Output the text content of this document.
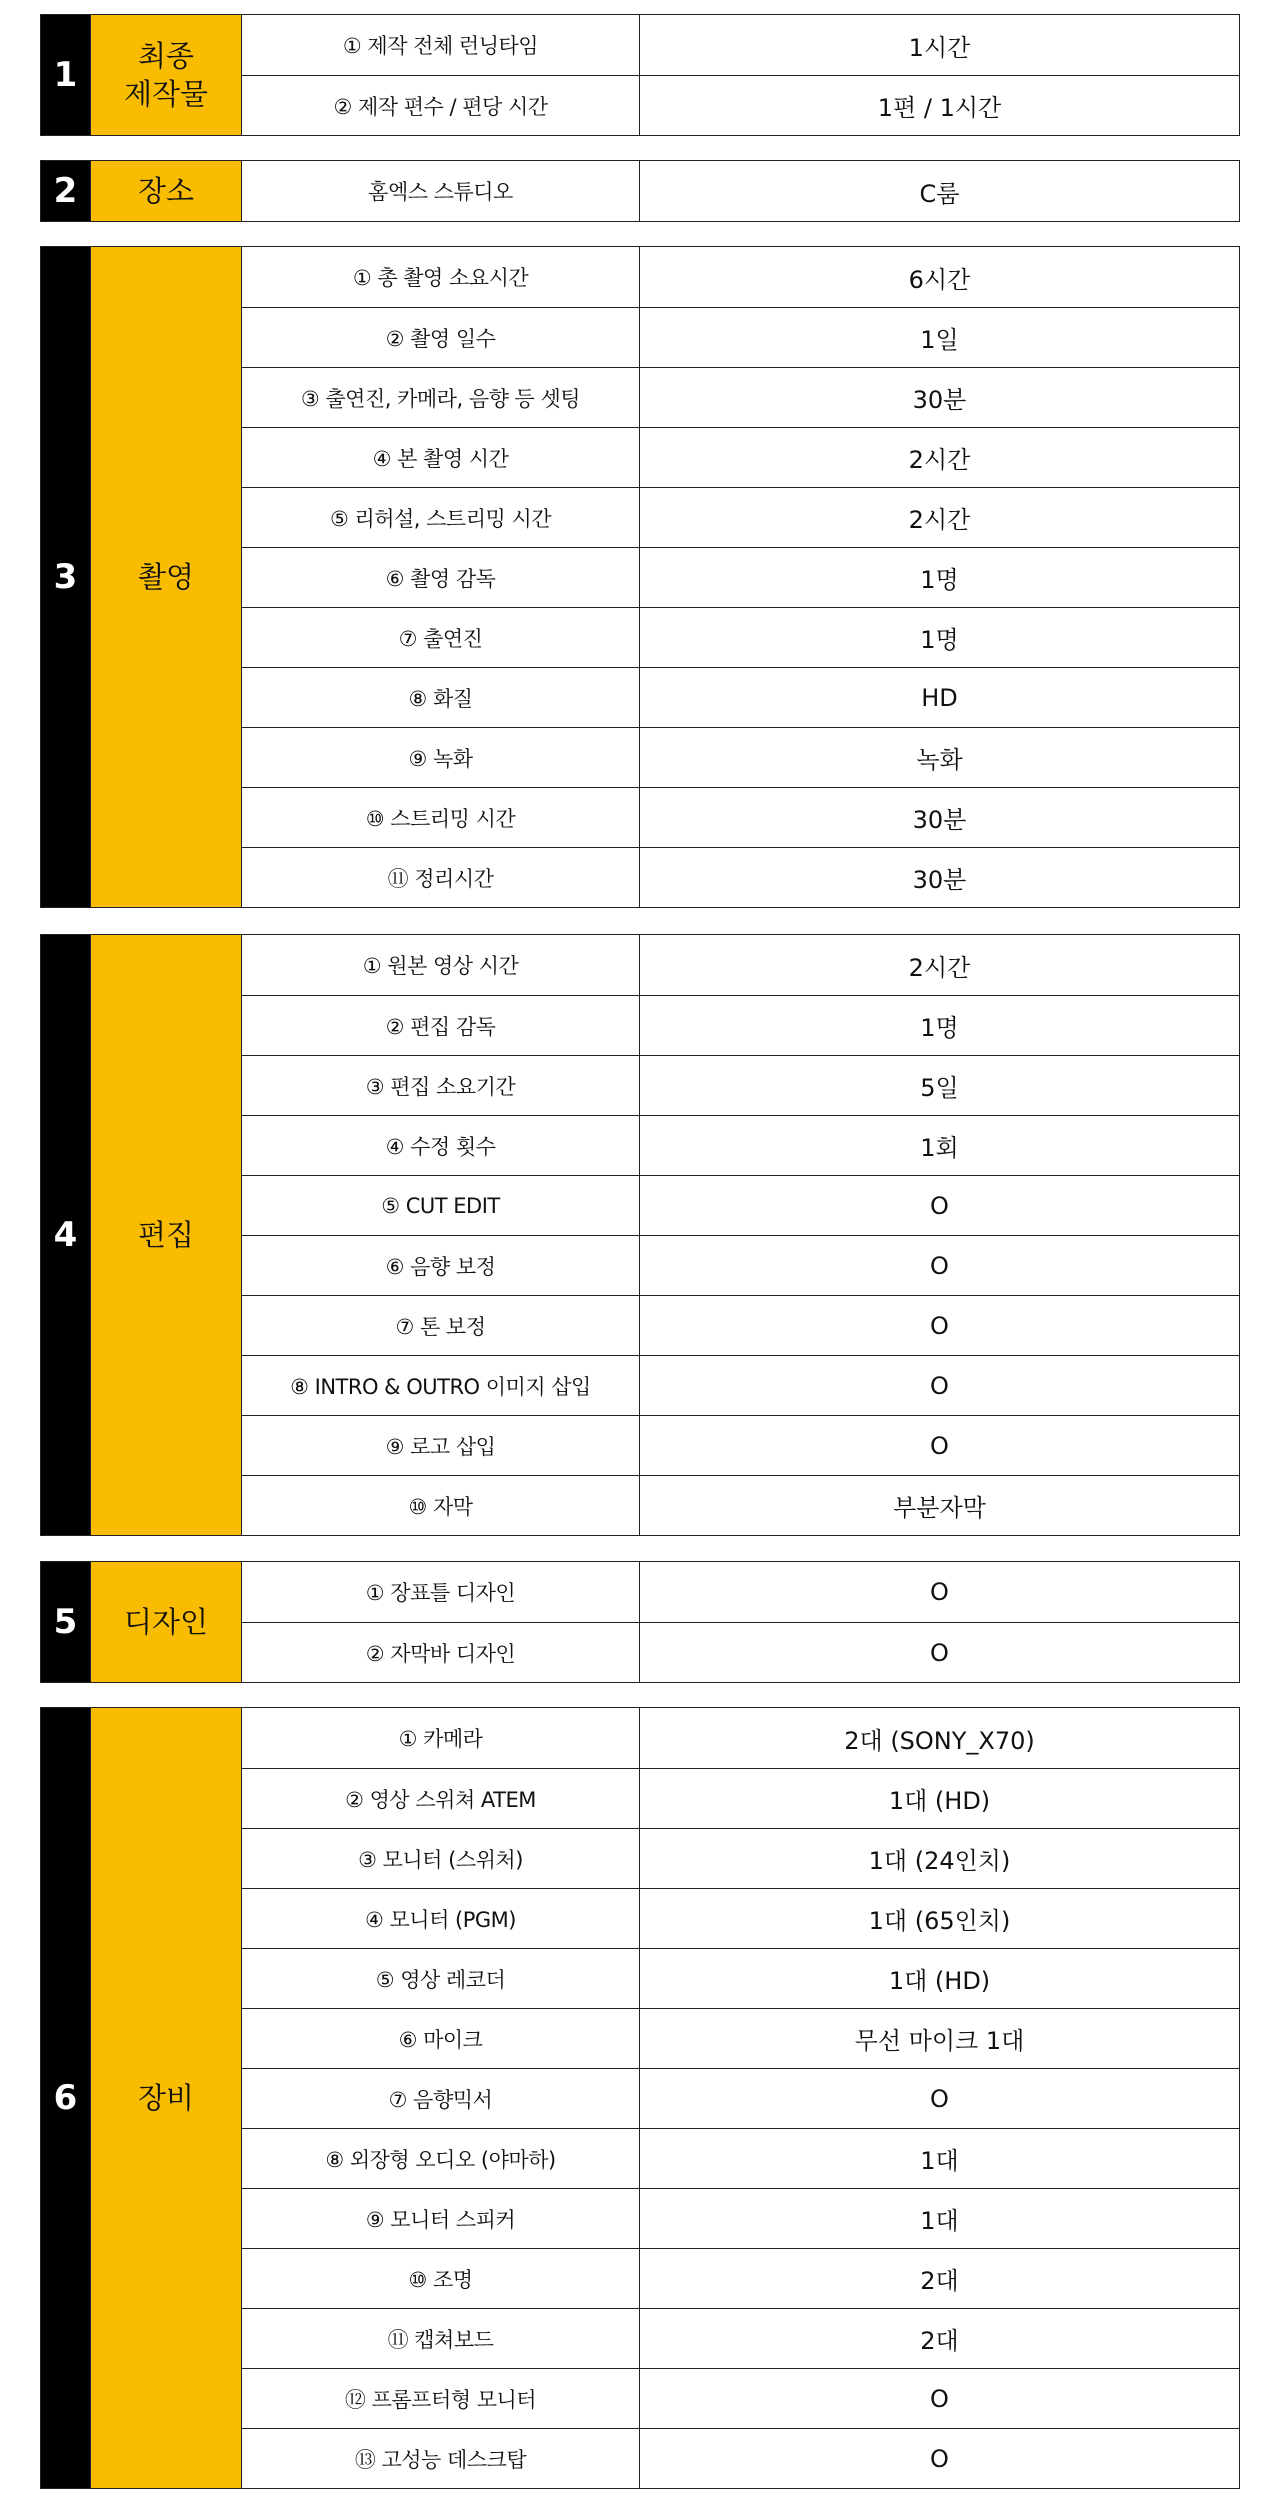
1	최종
제작물
① 제작 전체 런닝타임	1시간
② 제작 편수 / 편당 시간	1편 / 1시간
2	장소	홈엑스 스튜디오	C룸
3	촬영
① 총 촬영 소요시간	6시간
② 촬영 일수	1일
③ 출연진, 카메라, 음향 등 셋팅	30분
④ 본 촬영 시간	2시간
⑤ 리허설, 스트리밍 시간	2시간
⑥ 촬영 감독	1명
⑦ 출연진	1명
⑧ 화질	HD
⑨ 녹화	녹화
⑩ 스트리밍 시간	30분
⑪ 정리시간	30분
4	편집
① 원본 영상 시간	2시간
② 편집 감독	1명
③ 편집 소요기간	5일
④ 수정 횟수	1회
⑤ CUT EDIT	O
⑥ 음향 보정	O
⑦ 톤 보정	O
⑧ INTRO & OUTRO 이미지 삽입	O
⑨ 로고 삽입	O
⑩ 자막	부분자막
5	디자인
① 장표틀 디자인	O
② 자막바 디자인	O
6	장비
① 카메라	2대 (SONY_X70)
② 영상 스위쳐 ATEM	1대 (HD)
③ 모니터 (스위처)	1대 (24인치)
④ 모니터 (PGM)	1대 (65인치)
⑤ 영상 레코더	1대 (HD)
⑥ 마이크	무선 마이크 1대
⑦ 음향믹서	O
⑧ 외장형 오디오 (야마하)	1대
⑨ 모니터 스피커	1대
⑩ 조명	2대
⑪ 캡쳐보드	2대
⑫ 프롬프터형 모니터	O
⑬ 고성능 데스크탑	O
